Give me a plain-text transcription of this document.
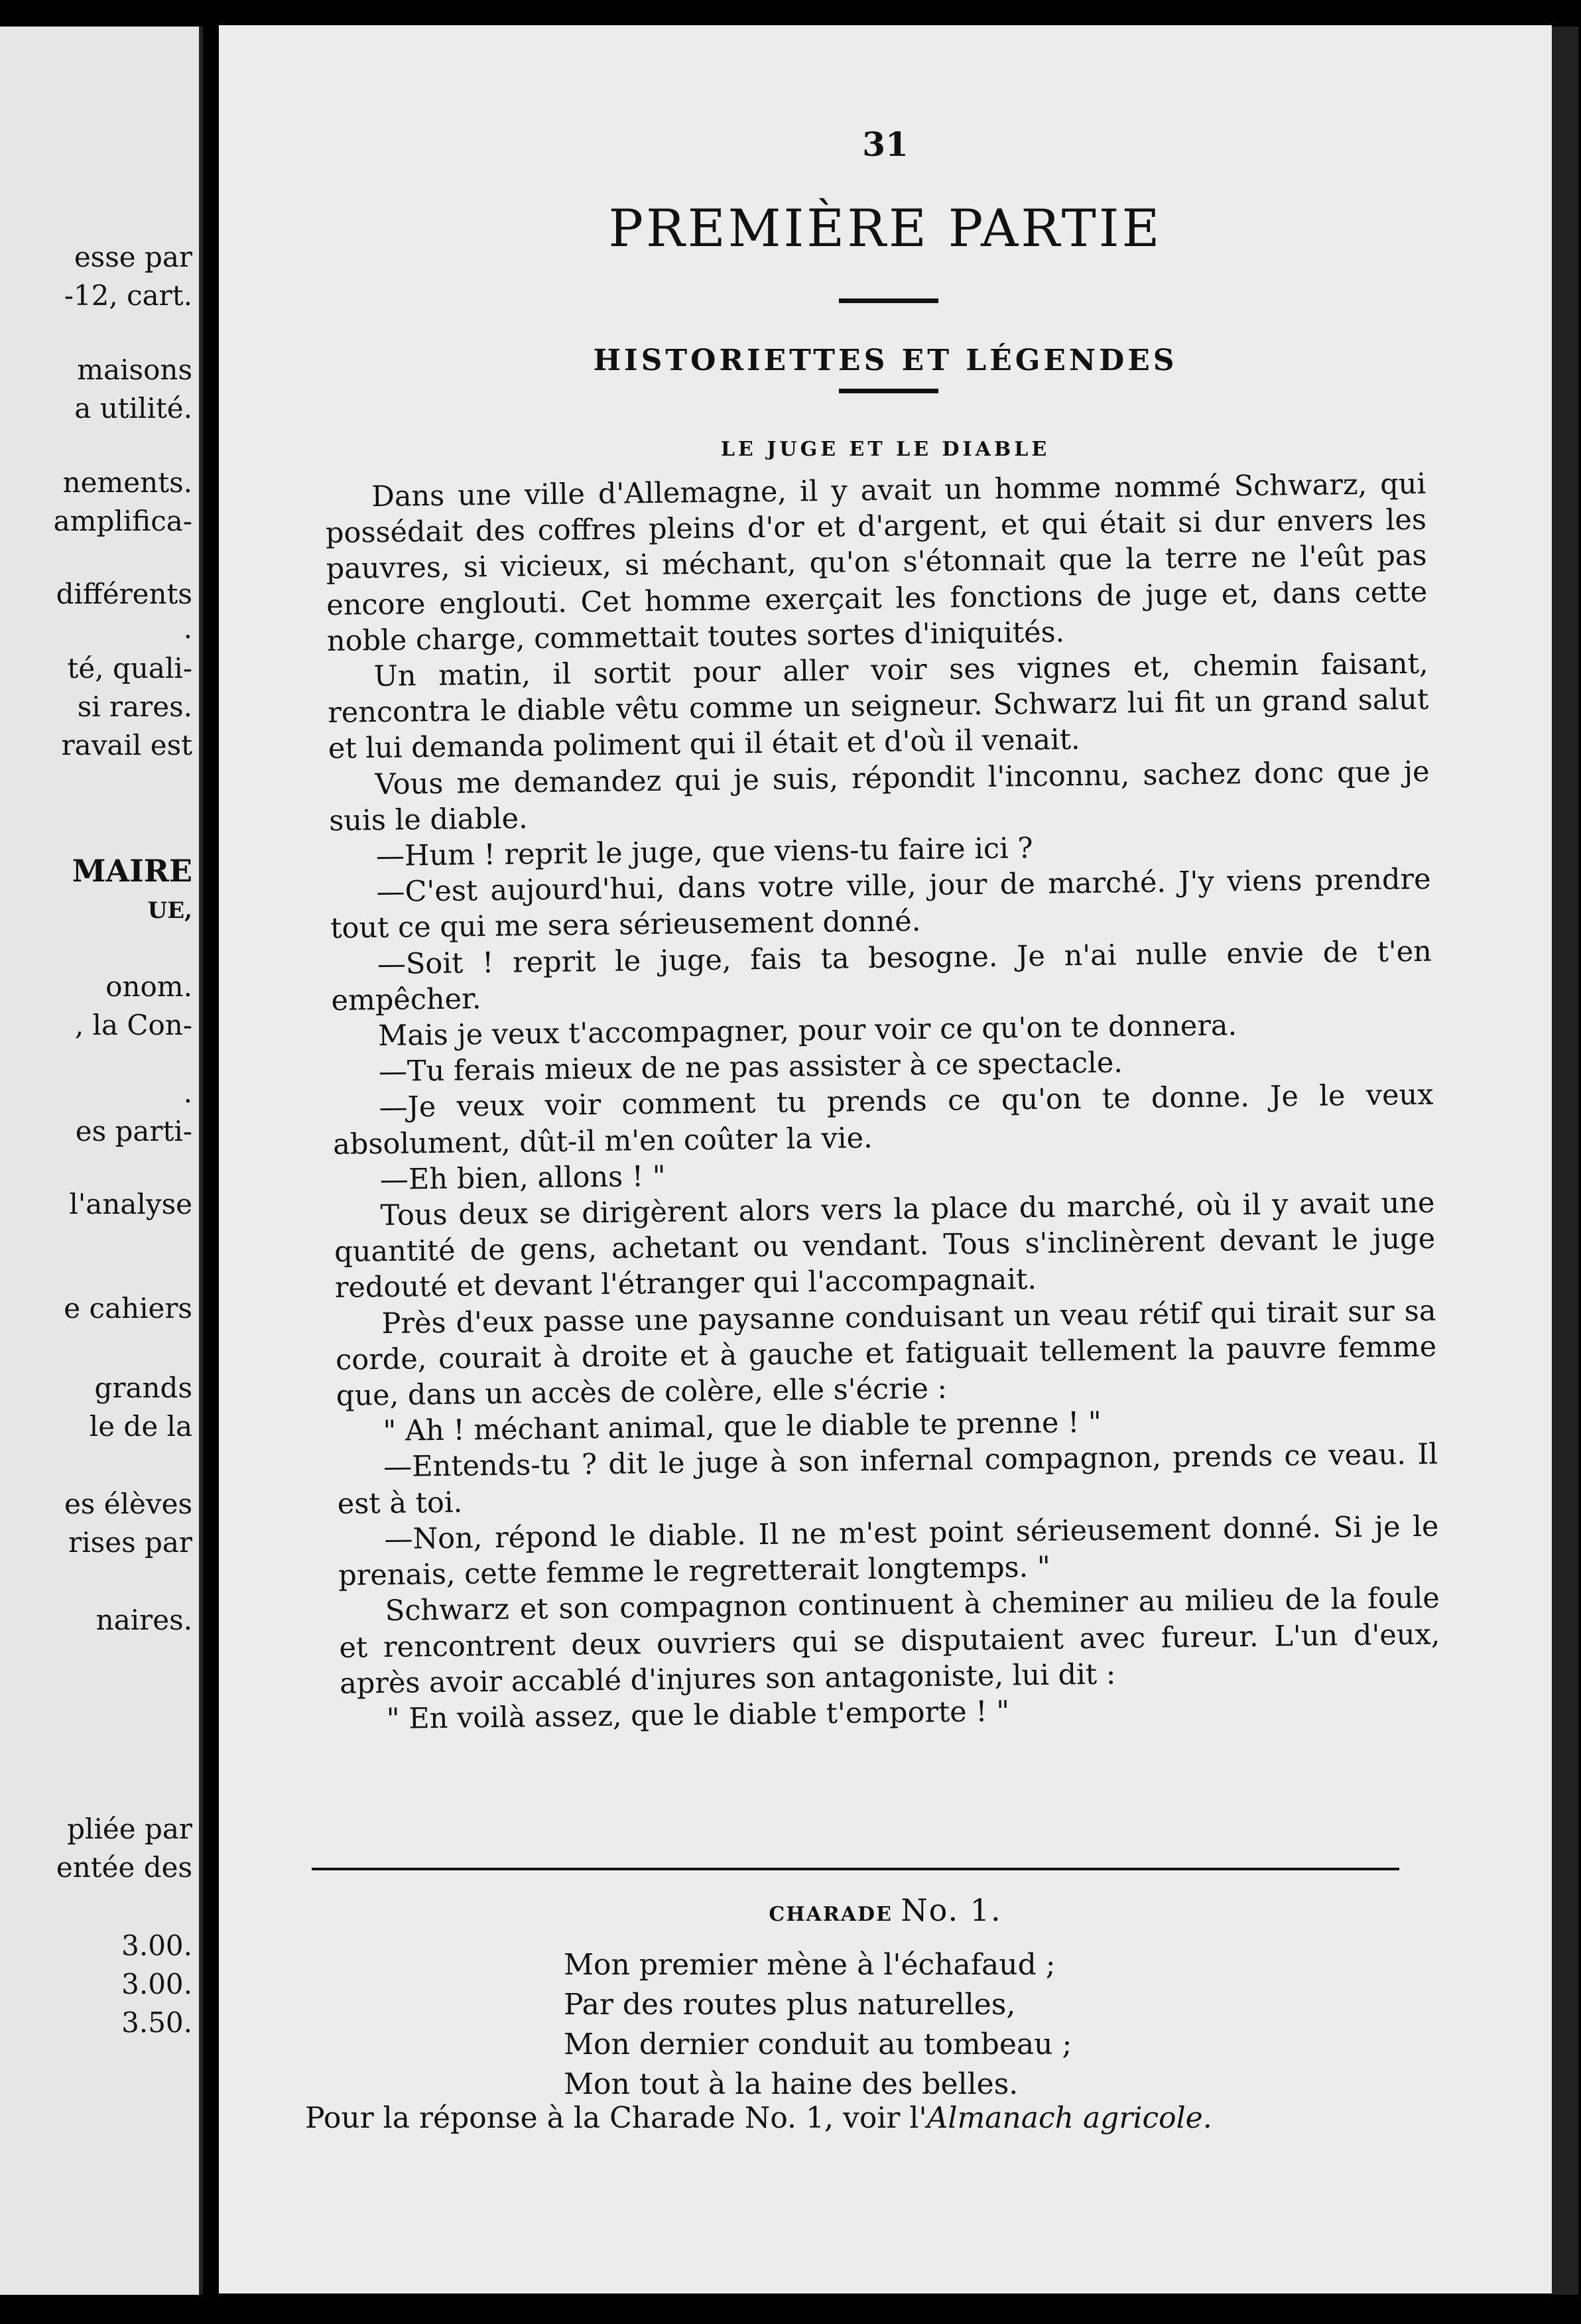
esse par
-12, cart.
maisons
a utilité.
nements.
amplifica-
différents
.
té, quali-
si rares.
ravail est
MAIRE
UE,
onom.
, la Con-
.
es parti-
l'analyse
e cahiers
grands
le de la
es élèves
rises par
naires.
pliée par
entée des
3.00.
3.00.
3.50.
31
PREMIÈRE PARTIE
HISTORIETTES ET LÉGENDES
LE JUGE ET LE DIABLE

Dans une ville d'Allemagne, il y avait un homme nommé Schwarz, qui possédait des coffres pleins d'or et d'argent, et qui était si dur envers les pauvres, si vicieux, si méchant, qu'on s'étonnait que la terre ne l'eût pas encore englouti. Cet homme exerçait les fonctions de juge et, dans cette noble charge, commettait toutes sortes d'iniquités.

Un matin, il sortit pour aller voir ses vignes et, chemin faisant, rencontra le diable vêtu comme un seigneur. Schwarz lui fit un grand salut et lui demanda poliment qui il était et d'où il venait.

Vous me demandez qui je suis, répondit l'inconnu, sachez donc que je suis le diable.

—Hum ! reprit le juge, que viens-tu faire ici ?

—C'est aujourd'hui, dans votre ville, jour de marché. J'y viens prendre tout ce qui me sera sérieusement donné.

—Soit ! reprit le juge, fais ta besogne. Je n'ai nulle envie de t'en empêcher.

Mais je veux t'accompagner, pour voir ce qu'on te donnera.

—Tu ferais mieux de ne pas assister à ce spectacle.

—Je veux voir comment tu prends ce qu'on te donne. Je le veux absolument, dût-il m'en coûter la vie.

—Eh bien, allons ! "

Tous deux se dirigèrent alors vers la place du marché, où il y avait une quantité de gens, achetant ou vendant. Tous s'inclinèrent devant le juge redouté et devant l'étranger qui l'accompagnait.

Près d'eux passe une paysanne conduisant un veau rétif qui tirait sur sa corde, courait à droite et à gauche et fatiguait tellement la pauvre femme que, dans un accès de colère, elle s'écrie :

" Ah ! méchant animal, que le diable te prenne ! "

—Entends-tu ? dit le juge à son infernal compagnon, prends ce veau. Il est à toi.

—Non, répond le diable. Il ne m'est point sérieusement donné. Si je le prenais, cette femme le regretterait longtemps. "

Schwarz et son compagnon continuent à cheminer au milieu de la foule et rencontrent deux ouvriers qui se disputaient avec fureur. L'un d'eux, après avoir accablé d'injures son antagoniste, lui dit :

" En voilà assez, que le diable t'emporte ! "

CHARADE No. 1.
Mon premier mène à l'échafaud ;
Par des routes plus naturelles,
Mon dernier conduit au tombeau ;
Mon tout à la haine des belles.
Pour la réponse à la Charade No. 1, voir l'Almanach agricole.
